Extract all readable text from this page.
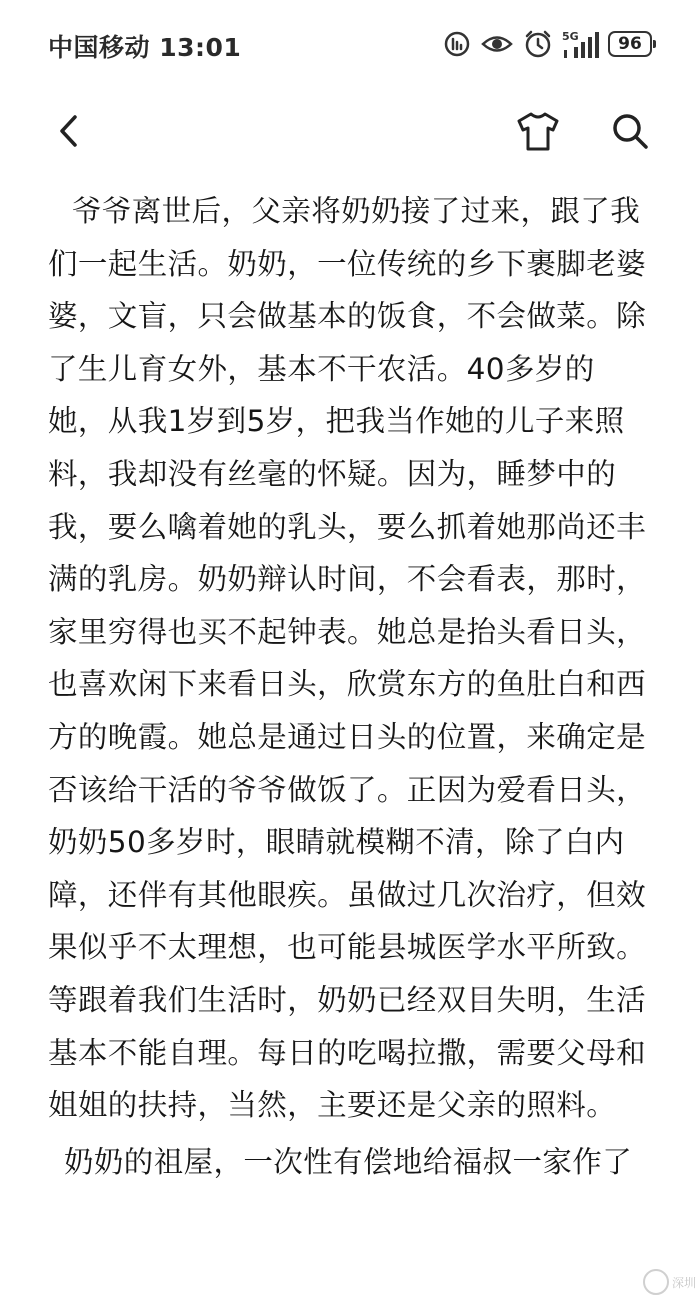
中国移动 13:01	5G 96

爷爷离世后，父亲将奶奶接了过来，跟了我们一起生活。奶奶，一位传统的乡下裹脚老婆婆，文盲，只会做基本的饭食，不会做菜。除了生儿育女外，基本不干农活。40多岁的她，从我1岁到5岁，把我当作她的儿子来照料，我却没有丝毫的怀疑。因为，睡梦中的我，要么噙着她的乳头，要么抓着她那尚还丰满的乳房。奶奶辩认时间，不会看表，那时，家里穷得也买不起钟表。她总是抬头看日头，也喜欢闲下来看日头，欣赏东方的鱼肚白和西方的晚霞。她总是通过日头的位置，来确定是否该给干活的爷爷做饭了。正因为爱看日头，奶奶50多岁时，眼睛就模糊不清，除了白内障，还伴有其他眼疾。虽做过几次治疗，但效果似乎不太理想，也可能县城医学水平所致。等跟着我们生活时，奶奶已经双目失明，生活基本不能自理。每日的吃喝拉撒，需要父母和姐姐的扶持，当然，主要还是父亲的照料。

奶奶的祖屋，一次性有偿地给福叔一家作了

深圳
